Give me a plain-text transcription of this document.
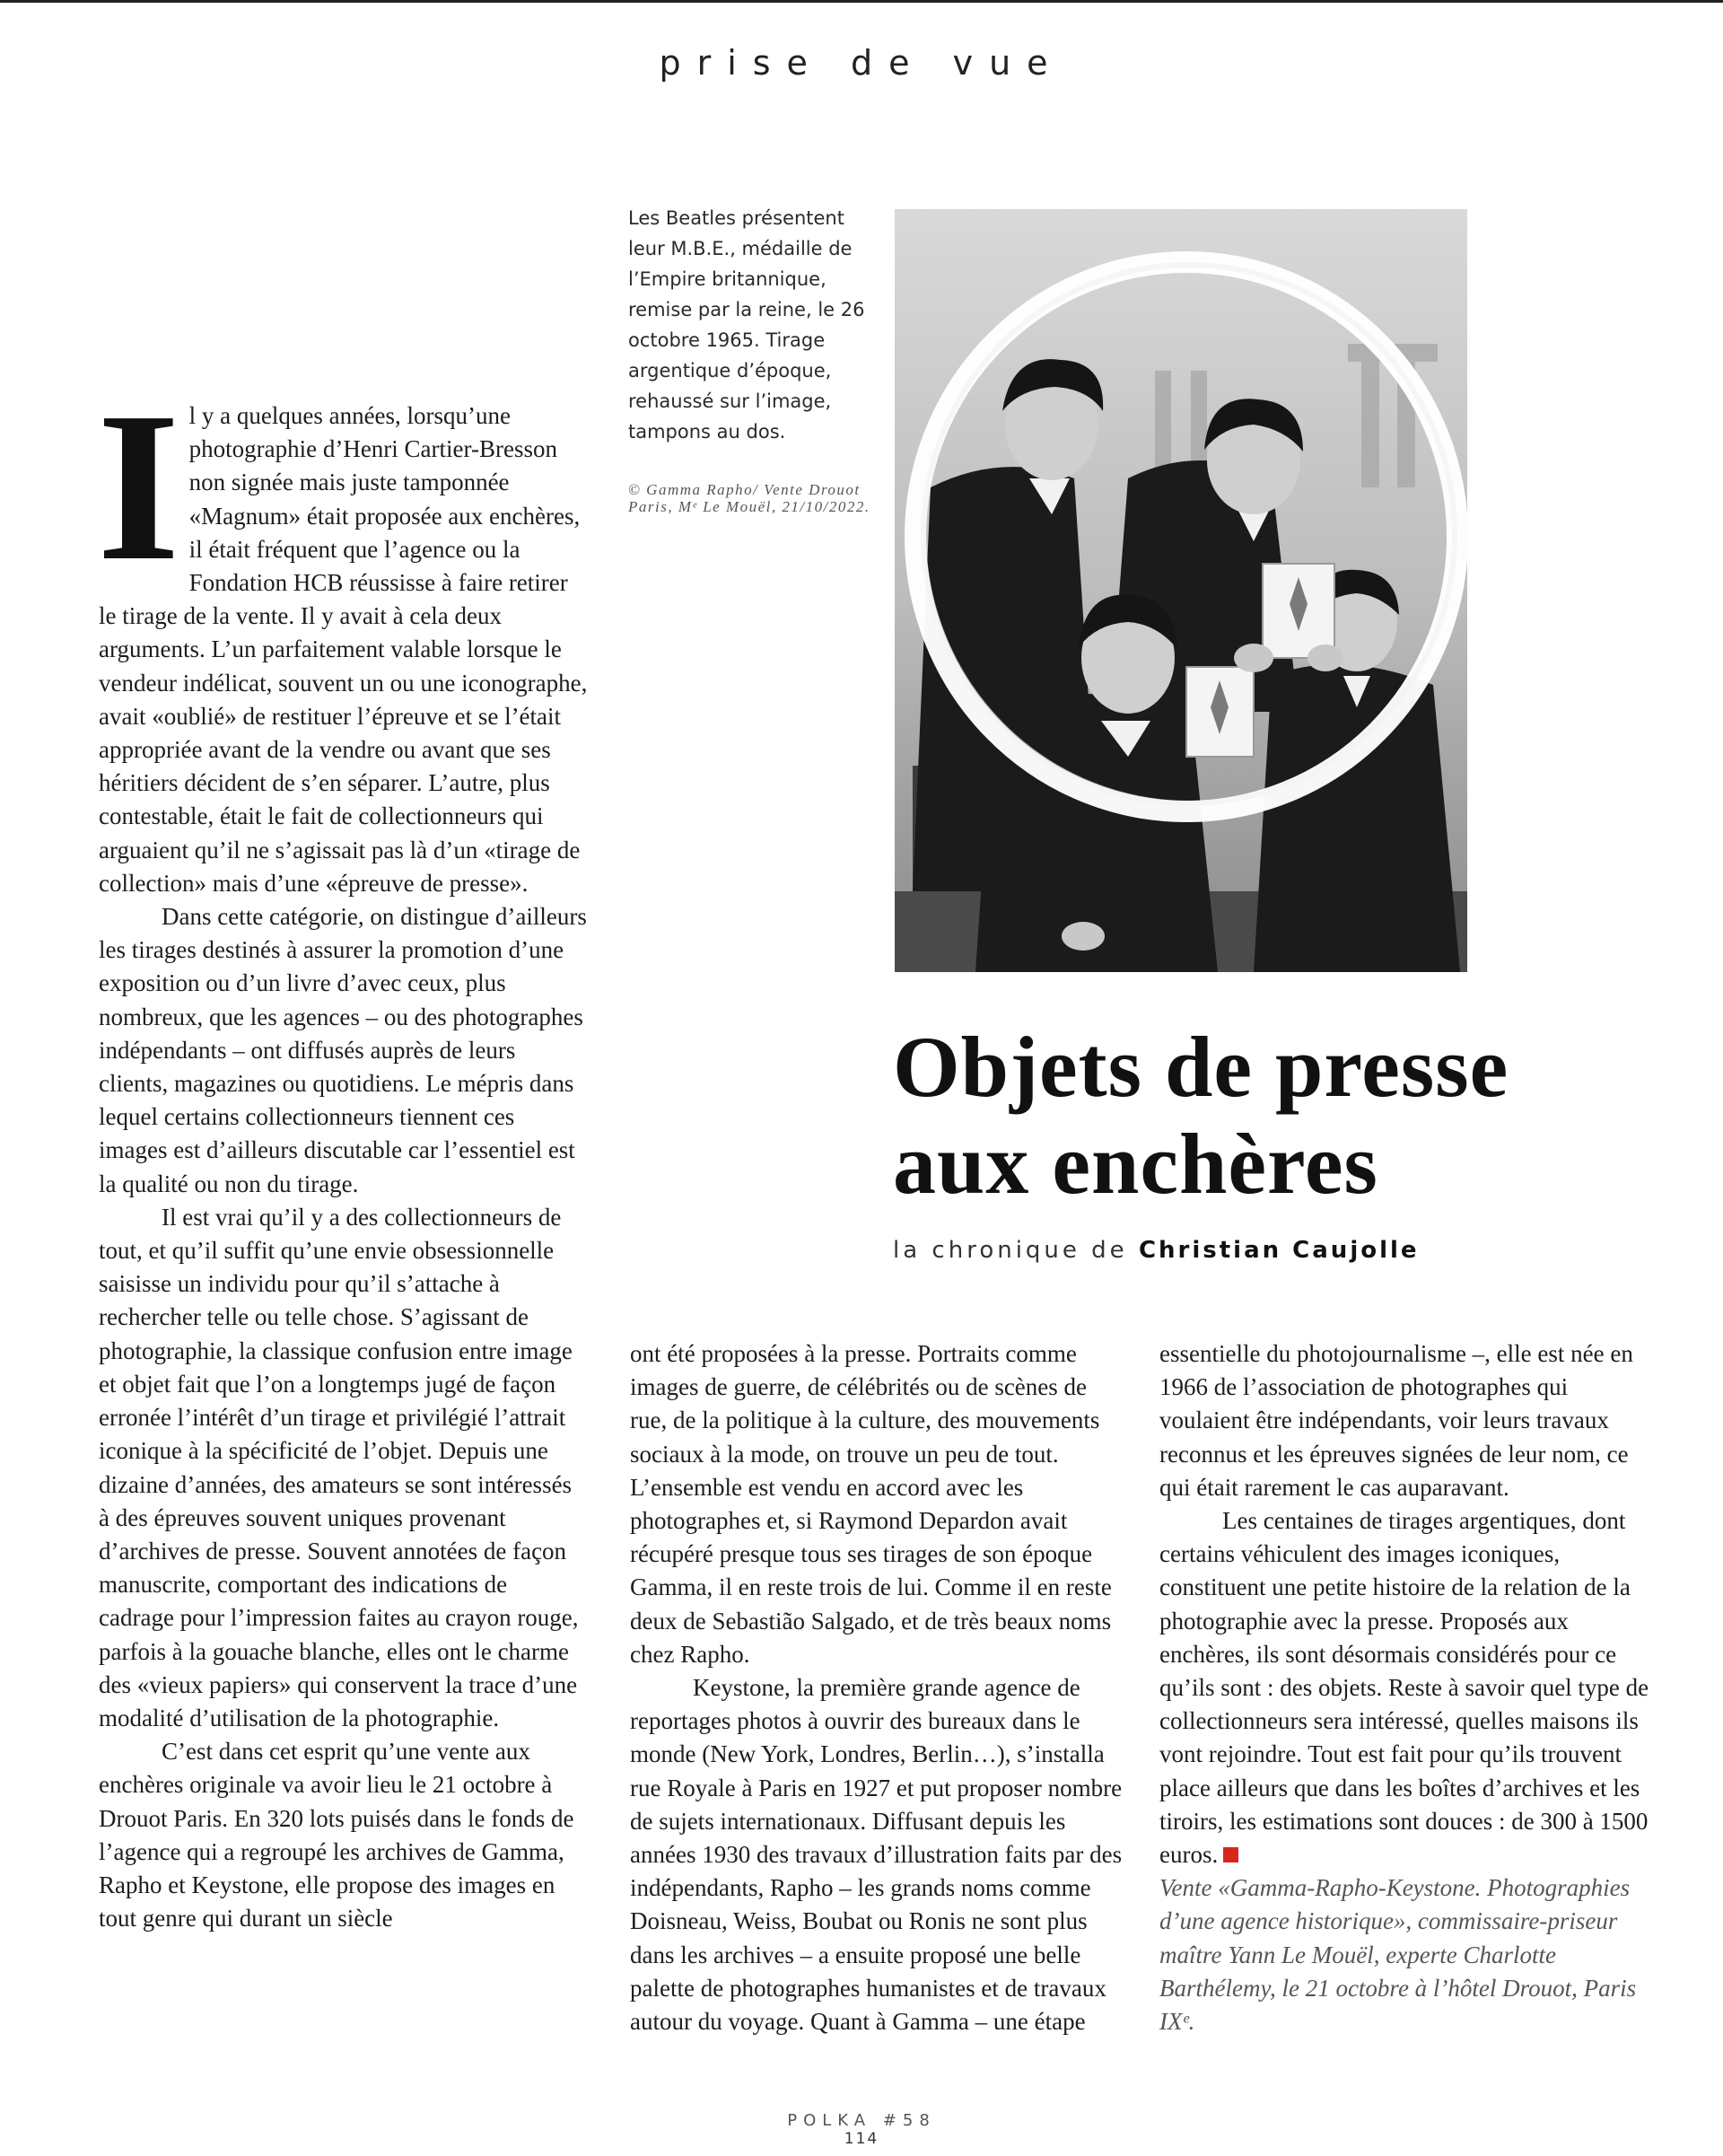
prise de vue
Les Beatles présentent leur M.B.E., médaille de l’Empire britannique, remise par la reine, le 26 octobre 1965. Tirage argentique d’époque, rehaussé sur l’image, tampons au dos.
© Gamma Rapho/ Vente Drouot Paris, Mᵉ Le Mouël, 21/10/2022.
Objets de presse
aux enchères
la chronique de Christian Caujolle
I l y a quelques années, lorsqu’une photographie d’Henri Cartier-Bresson non signée mais juste tamponnée «Magnum» était proposée aux enchères, il était fréquent que l’agence ou la Fondation HCB réussisse à faire retirer le tirage de la vente. Il y avait à cela deux arguments. L’un parfaitement valable lorsque le vendeur indélicat, souvent un ou une iconographe, avait «oublié» de restituer l’épreuve et se l’était appropriée avant de la vendre ou avant que ses héritiers décident de s’en séparer. L’autre, plus contestable, était le fait de collectionneurs qui arguaient qu’il ne s’agissait pas là d’un «tirage de collection» mais d’une «épreuve de presse».

Dans cette catégorie, on distingue d’ailleurs les tirages destinés à assurer la promotion d’une exposition ou d’un livre d’avec ceux, plus nombreux, que les agences – ou des photographes indépendants – ont diffusés auprès de leurs clients, magazines ou quotidiens. Le mépris dans lequel certains collectionneurs tiennent ces images est d’ailleurs discutable car l’essentiel est la qualité ou non du tirage.

Il est vrai qu’il y a des collectionneurs de tout, et qu’il suffit qu’une envie obsessionnelle saisisse un individu pour qu’il s’attache à rechercher telle ou telle chose. S’agissant de photographie, la classique confusion entre image et objet fait que l’on a longtemps jugé de façon erronée l’intérêt d’un tirage et privilégié l’attrait iconique à la spécificité de l’objet. Depuis une dizaine d’années, des amateurs se sont intéressés à des épreuves souvent uniques provenant d’archives de presse. Souvent annotées de façon manuscrite, comportant des indications de cadrage pour l’impression faites au crayon rouge, parfois à la gouache blanche, elles ont le charme des «vieux papiers» qui conservent la trace d’une modalité d’utilisation de la photographie.

C’est dans cet esprit qu’une vente aux enchères originale va avoir lieu le 21 octobre à Drouot Paris. En 320 lots puisés dans le fonds de l’agence qui a regroupé les archives de Gamma, Rapho et Keystone, elle propose des images en tout genre qui durant un siècle

ont été proposées à la presse. Portraits comme images de guerre, de célébrités ou de scènes de rue, de la politique à la culture, des mouvements sociaux à la mode, on trouve un peu de tout. L’ensemble est vendu en accord avec les photographes et, si Raymond Depardon avait récupéré presque tous ses tirages de son époque Gamma, il en reste trois de lui. Comme il en reste deux de Sebastião Salgado, et de très beaux noms chez Rapho.

Keystone, la première grande agence de reportages photos à ouvrir des bureaux dans le monde (New York, Londres, Berlin…), s’installa rue Royale à Paris en 1927 et put proposer nombre de sujets internationaux. Diffusant depuis les années 1930 des travaux d’illustration faits par des indépendants, Rapho – les grands noms comme Doisneau, Weiss, Boubat ou Ronis ne sont plus dans les archives – a ensuite proposé une belle palette de photographes humanistes et de travaux autour du voyage. Quant à Gamma – une étape

essentielle du photojournalisme –, elle est née en 1966 de l’association de photographes qui voulaient être indépendants, voir leurs travaux reconnus et les épreuves signées de leur nom, ce qui était rarement le cas auparavant.

Les centaines de tirages argentiques, dont certains véhiculent des images iconiques, constituent une petite histoire de la relation de la photographie avec la presse. Proposés aux enchères, ils sont désormais considérés pour ce qu’ils sont : des objets. Reste à savoir quel type de collectionneurs sera intéressé, quelles maisons ils vont rejoindre. Tout est fait pour qu’ils trouvent place ailleurs que dans les boîtes d’archives et les tiroirs, les estimations sont douces : de 300 à 1500 euros.

Vente «Gamma-Rapho-Keystone. Photographies d’une agence historique», commissaire-priseur maître Yann Le Mouël, experte Charlotte Barthélemy, le 21 octobre à l’hôtel Drouot, Paris IXᵉ.

POLKA #58
114
